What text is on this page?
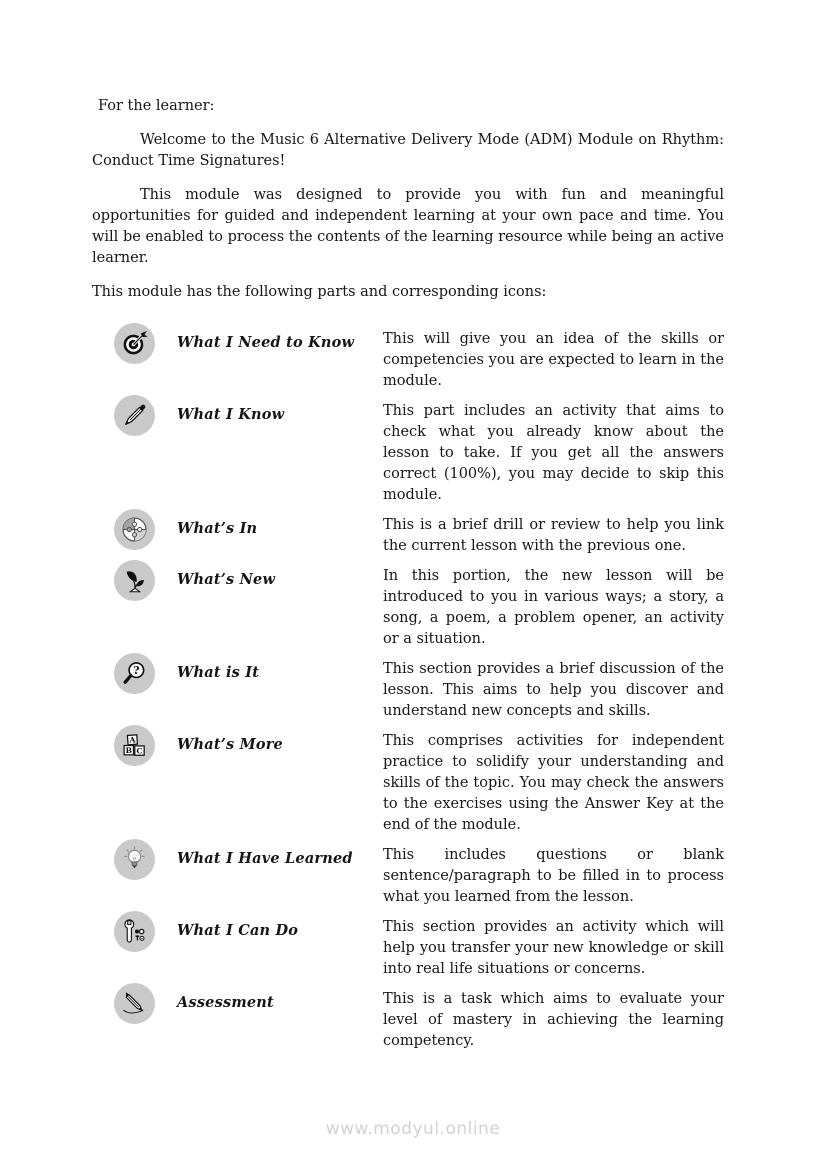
For the learner:

Welcome to the Music 6 Alternative Delivery Mode (ADM) Module on Rhythm: Conduct Time Signatures!

This module was designed to provide you with fun and meaningful opportunities for guided and independent learning at your own pace and time. You will be enabled to process the contents of the learning resource while being an active learner.

This module has the following parts and corresponding icons:

What I Need to Know	This will give you an idea of the skills or competencies you are expected to learn in the module.
What I Know	This part includes an activity that aims to check what you already know about the lesson to take. If you get all the answers correct (100%), you may decide to skip this module.
What’s In	This is a brief drill or review to help you link the current lesson with the previous one.
What’s New	In this portion, the new lesson will be introduced to you in various ways; a story, a song, a poem, a problem opener, an activity or a situation.
?	What is It	This section provides a brief discussion of the lesson. This aims to help you discover and understand new concepts and skills.
A
B C What’s More	This comprises activities for independent practice to solidify your understanding and skills of the topic. You may check the answers to the exercises using the Answer Key at the end of the module.
What I Have Learned	This includes questions or blank sentence/paragraph to be filled in to process what you learned from the lesson.
What I Can Do	This section provides an activity which will help you transfer your new knowledge or skill into real life situations or concerns.
Assessment	This is a task which aims to evaluate your level of mastery in achieving the learning competency.
www.modyul.online
